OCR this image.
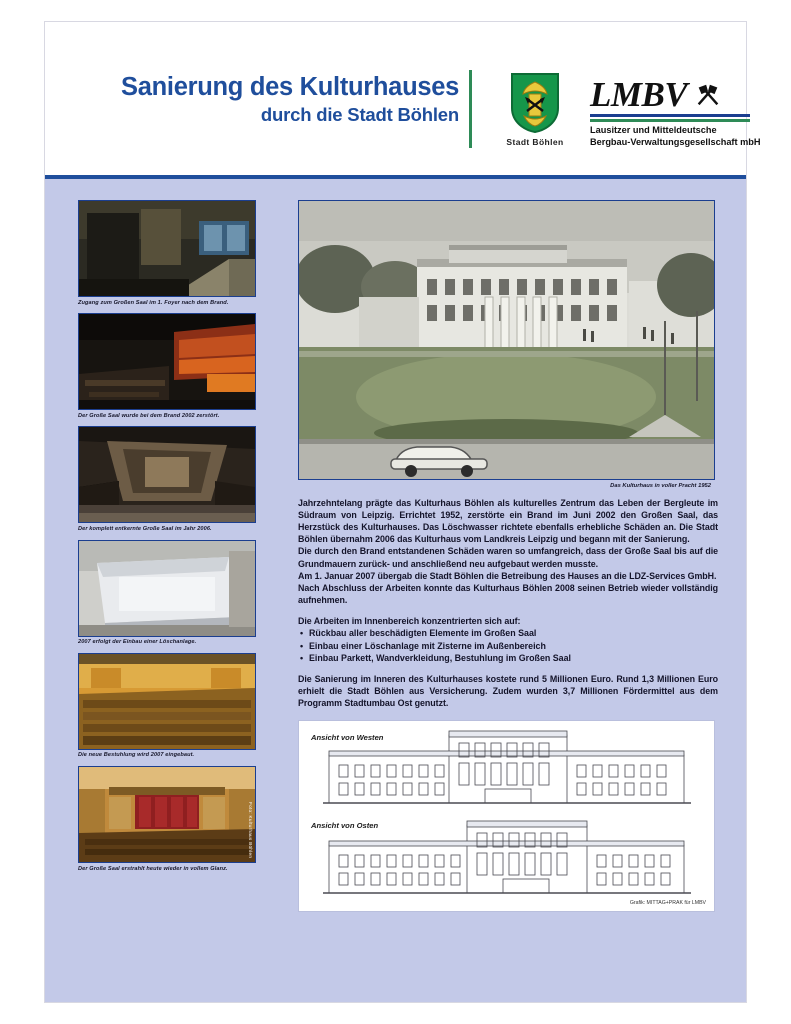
Sanierung des Kulturhauses
durch die Stadt Böhlen
Stadt Böhlen
LMBV
Lausitzer und Mitteldeutsche
Bergbau-Verwaltungsgesellschaft mbH
Zugang zum Großen Saal im 1. Foyer nach dem Brand.
Der Große Saal wurde bei dem Brand 2002 zerstört.
Der komplett entkernte Große Saal im Jahr 2006.
2007 erfolgt der Einbau einer Löschanlage.
Die neue Bestuhlung wird 2007 eingebaut.
Foto: Kulturhaus Böhlen
Der Große Saal erstrahlt heute wieder in vollem Glanz.
Das Kulturhaus in voller Pracht 1952
Jahrzehntelang prägte das Kulturhaus Böhlen als kulturelles Zentrum das Leben der Bergleute im Südraum von Leipzig. Errichtet 1952, zerstörte ein Brand im Juni 2002 den Großen Saal, das Herzstück des Kulturhauses. Das Löschwasser richtete ebenfalls erhebliche Schäden an. Die Stadt Böhlen übernahm 2006 das Kulturhaus vom Landkreis Leipzig und begann mit der Sanierung.
Die durch den Brand entstandenen Schäden waren so umfangreich, dass der Große Saal bis auf die Grundmauern zurück- und anschließend neu aufgebaut werden musste.
Am 1. Januar 2007 übergab die Stadt Böhlen die Betreibung des Hauses an die LDZ-Services GmbH.
Nach Abschluss der Arbeiten konnte das Kulturhaus Böhlen 2008 seinen Betrieb wieder vollständig aufnehmen.
Die Arbeiten im Innenbereich konzentrierten sich auf:
• Rückbau aller beschädigten Elemente im Großen Saal
• Einbau einer Löschanlage mit Zisterne im Außenbereich
• Einbau Parkett, Wandverkleidung, Bestuhlung im Großen Saal
Die Sanierung im Inneren des Kulturhauses kostete rund 5 Millionen Euro. Rund 1,3 Millionen Euro erhielt die Stadt Böhlen aus Versicherung. Zudem wurden 3,7 Millionen Fördermittel aus dem Programm Stadtumbau Ost genutzt.
Ansicht von Westen
Ansicht von Osten
Grafik: MITTAG+PRAK für LMBV
